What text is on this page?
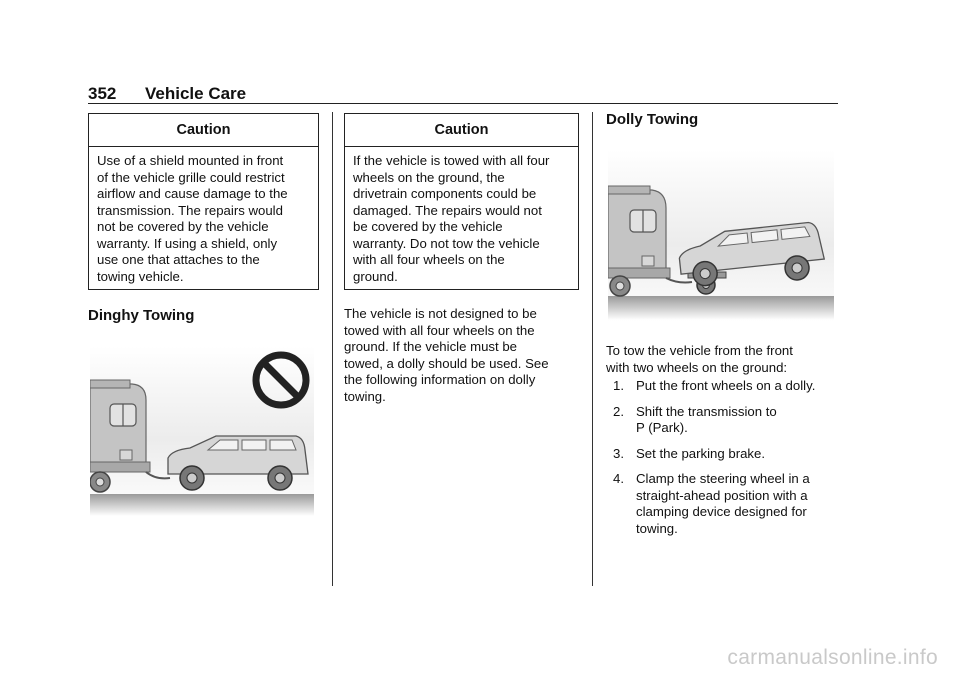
352 Vehicle Care
Caution
Use of a shield mounted in front
of the vehicle grille could restrict
airflow and cause damage to the
transmission. The repairs would
not be covered by the vehicle
warranty. If using a shield, only
use one that attaches to the
towing vehicle.
Dinghy Towing
Caution
If the vehicle is towed with all four
wheels on the ground, the
drivetrain components could be
damaged. The repairs would not
be covered by the vehicle
warranty. Do not tow the vehicle
with all four wheels on the
ground.
The vehicle is not designed to be
towed with all four wheels on the
ground. If the vehicle must be
towed, a dolly should be used. See
the following information on dolly
towing.
Dolly Towing
To tow the vehicle from the front
with two wheels on the ground:
1. Put the front wheels on a dolly.
2. Shift the transmission to
P (Park).
3. Set the parking brake.
4. Clamp the steering wheel in a
straight-ahead position with a
clamping device designed for
towing.
carmanualsonline.info
